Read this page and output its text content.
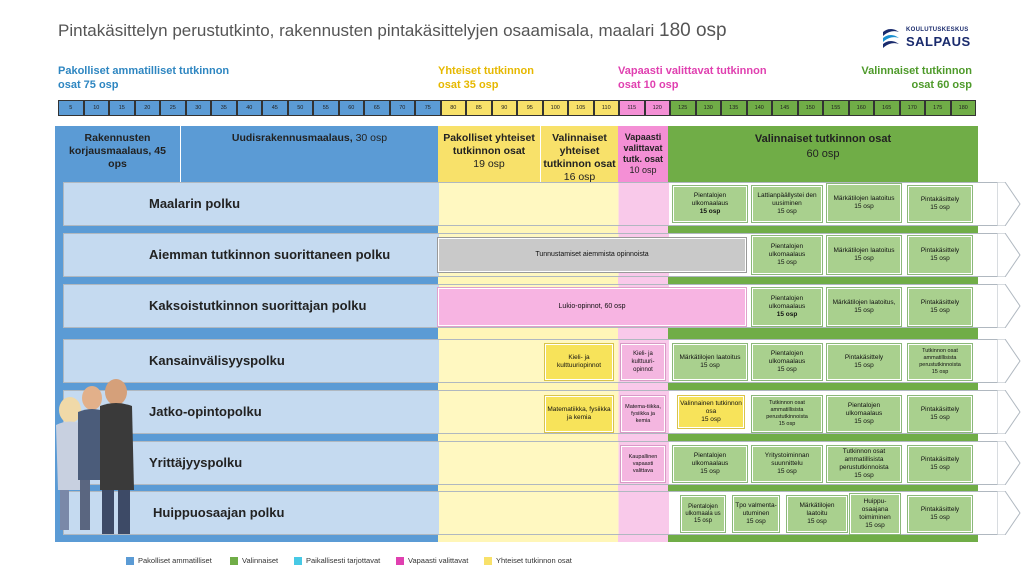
Pintakäsittelyn perustutkinto, rakennusten pintakäsittelyjen osaamisala, maalari 180 osp	KOULUTUSKESKUS
SALPAUS
Pakolliset ammatilliset tutkinnon
osat 75 osp
Yhteiset tutkinnon
osat 35 osp
Vapaasti valittavat tutkinnon
osat 10 osp
Valinnaiset tutkinnon
osat 60 osp
5	10	15	20	25	30	35	40	45	50	55	60	65	70	75	80	85	90	95	100	105	110	115	120	125	130	135	140	145	150	155	160	165	170	175	180
Rakennusten
korjausmaalaus, 45
ops
Uudisrakennusmaalaus, 30 osp	Pakolliset yhteiset
tutkinnon osat
19 osp
Valinnaiset
yhteiset
tutkinnon osat
16 osp
Vapaasti
valittavat
tutk. osat
10 osp
Valinnaiset tutkinnon osat
60 osp
Maalarin polku
Aiemman tutkinnon suorittaneen polku
Kaksoistutkinnon suorittajan polku
Kansainvälisyyspolku
Jatko-opintopolku
Yrittäjyyspolku
Huippuosaajan polku
Pientalojen ulkomaalaus
15 osp
Lattianpäällystei den uusiminen
15 osp
Märkätilojen laatoitus
15 osp
Pintakäsittely
15 osp
Tunnustamiset aiemmista opinnoista
Pientalojen ulkomaalaus
15 osp
Märkätilojen laatoitus
15 osp
Pintakäsittely
15 osp
Lukio-opinnot, 60 osp
Pientalojen ulkomaalaus
15 osp
Märkätilojen laatoitus,
15 osp
Pintakäsittely
15 osp
Kieli- ja kulttuuriopinnot
Kieli- ja kulttuuri-opinnot
Märkätilojen laatoitus
15 osp
Pientalojen ulkomaalaus
15 osp
Pintakäsittely
15 osp
Tutkinnon osat ammatillisista perustutkinnoista
15 osp
Matematiikka, fysiikka ja kemia
Matema-tiikka, fysiikka ja kemia
Valinnainen tutkinnon osa
15 osp
Tutkinnon osat ammatillisista perustutkinnoista
15 osp
Pientalojen ulkomaalaus
15 osp
Pintakäsittely
15 osp
Kaupallinen vapaasti valittava
Pientalojen ulkomaalaus
15 osp
Yritystoiminnan suunnittelu
15 osp
Tutkinnon osat ammatillisista perustutkinnoista
15 osp
Pintakäsittely
15 osp
Pientalojen ulkomaala us
15 osp
Tpo valmenta-utuminen
15 osp
Märkätilojen laatoitu
15 osp
Huippu-osaajana toimiminen
15 osp
Pintakäsittely
15 osp
Pakolliset ammatilliset	Valinnaiset	Paikallisesti tarjottavat	Vapaasti valittavat	Yhteiset tutkinnon osat
